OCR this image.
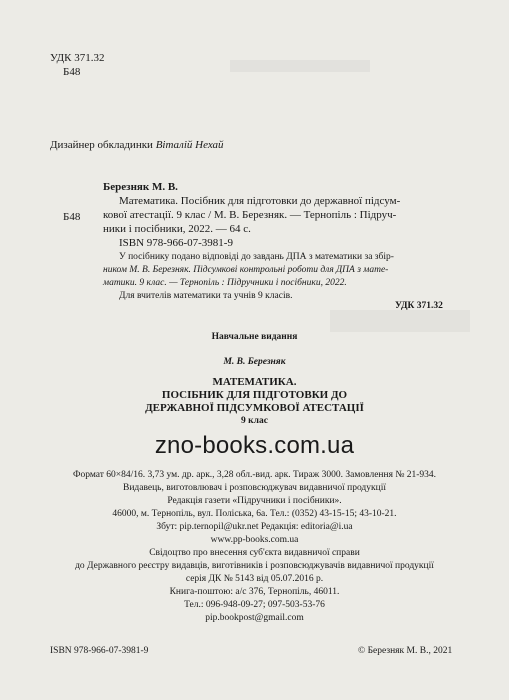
УДК 371.32
Б48
Дизайнер обкладинки Віталій Нехай
Березняк М. В.
Б48
Математика. Посібник для підготовки до державної підсум-
кової атестації. 9 клас / М. В. Березняк. — Тернопіль : Підруч-
ники і посібники, 2022. — 64 с.
ISBN 978-966-07-3981-9
У посібнику подано відповіді до завдань ДПА з математики за збір-
ником М. В. Березняк. Підсумкові контрольні роботи для ДПА з мате-
матики. 9 клас. — Тернопіль : Підручники і посібники, 2022.
Для вчителів математики та учнів 9 класів.
УДК 371.32
Навчальне видання
М. В. Березняк
МАТЕМАТИКА.
ПОСІБНИК ДЛЯ ПІДГОТОВКИ ДО
ДЕРЖАВНОЇ ПІДСУМКОВОЇ АТЕСТАЦІЇ
9 клас
zno-books.com.ua
Формат 60×84/16. 3,73 ум. др. арк., 3,28 обл.-вид. арк. Тираж 3000. Замовлення № 21-934.
Видавець, виготовлювач і розповсюджувач видавничої продукції
Редакція газети «Підручники і посібники».
46000, м. Тернопіль, вул. Поліська, 6а. Тел.: (0352) 43-15-15; 43-10-21.
Збут: pip.ternopil@ukr.net Редакція: editoria@i.ua
www.pp-books.com.ua
Свідоцтво про внесення суб'єкта видавничої справи
до Державного реєстру видавців, виготівників і розповсюджувачів видавничої продукції
серія ДК № 5143 від 05.07.2016 р.
Книга-поштою: а/с 376, Тернопіль, 46011.
Тел.: 096-948-09-27; 097-503-53-76
pip.bookpost@gmail.com
ISBN 978-966-07-3981-9	© Березняк М. В., 2021
